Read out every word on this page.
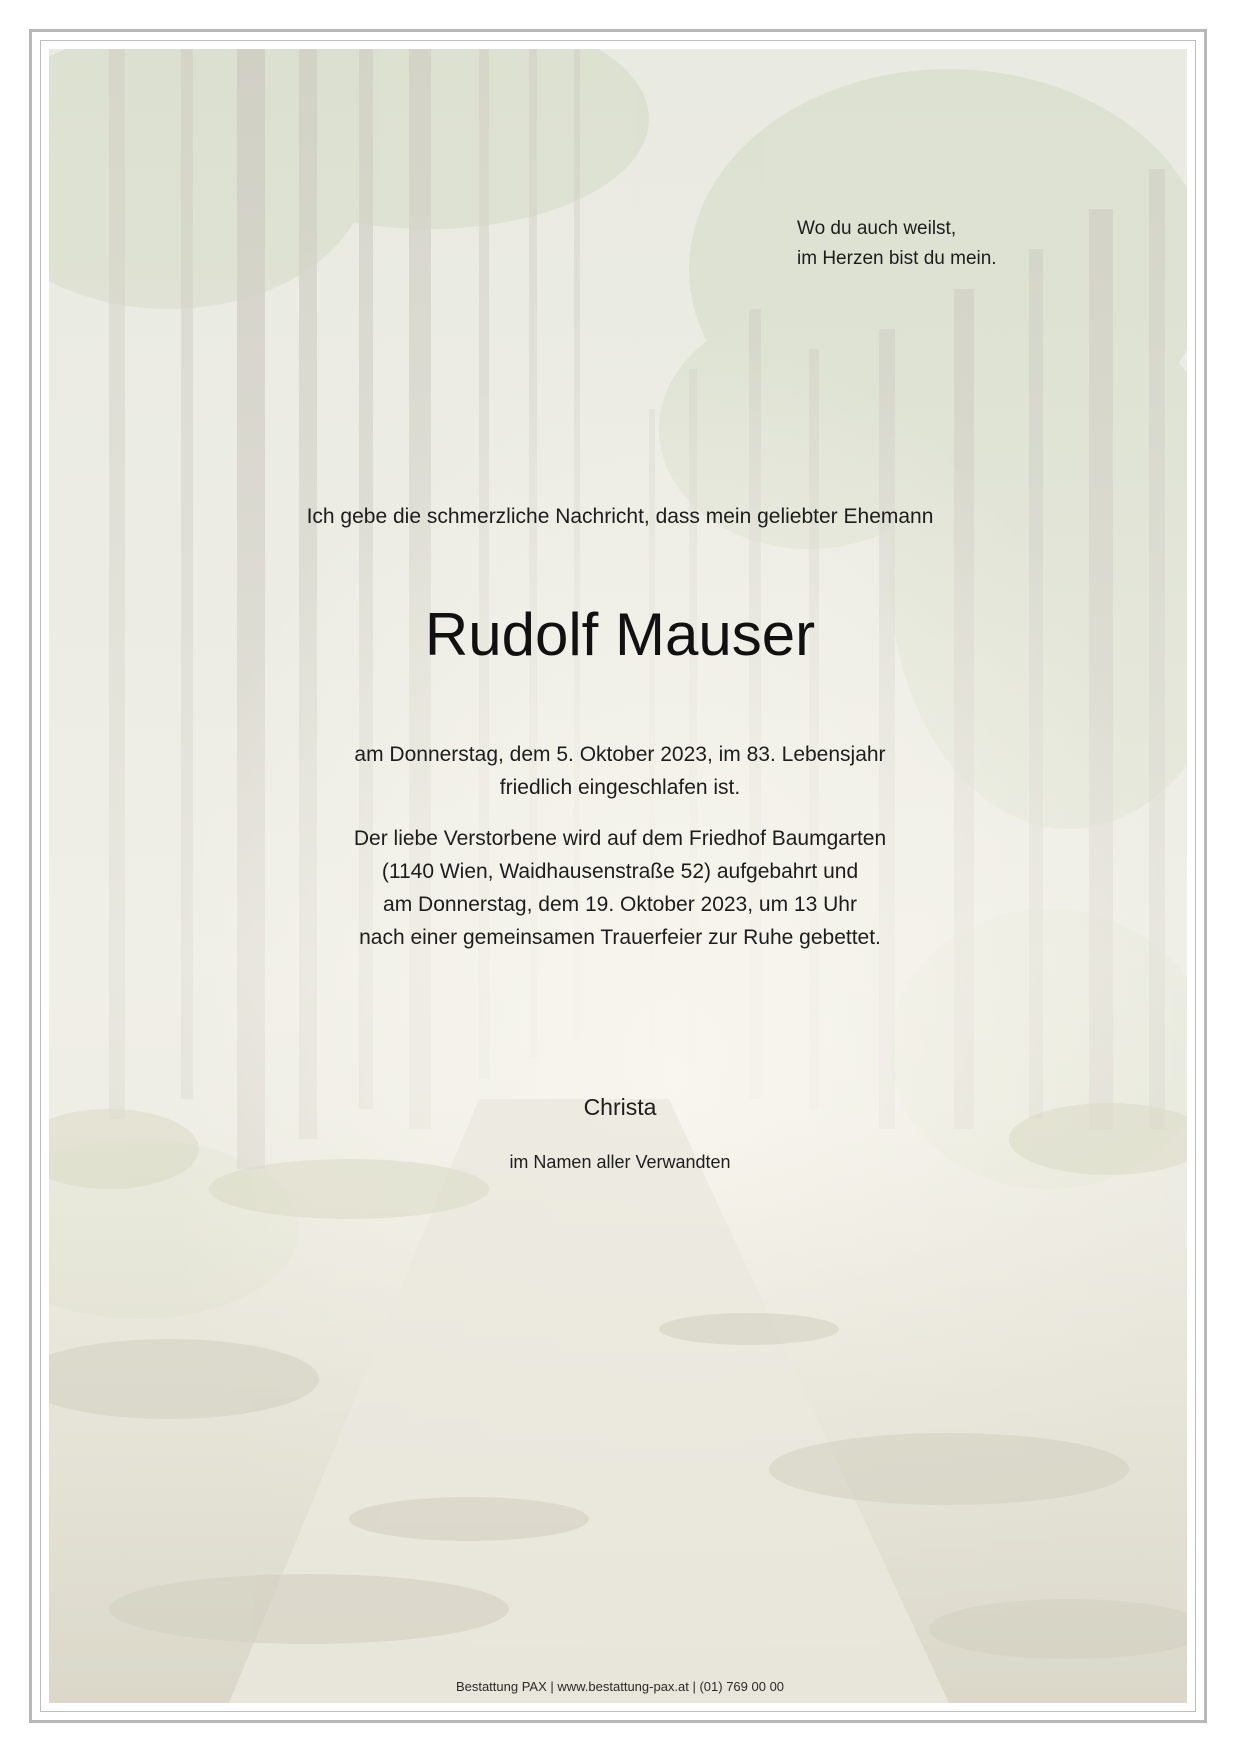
Wo du auch weilst,
im Herzen bist du mein.
Ich gebe die schmerzliche Nachricht, dass mein geliebter Ehemann
Rudolf Mauser
am Donnerstag, dem 5. Oktober 2023, im 83. Lebensjahr
friedlich eingeschlafen ist.
Der liebe Verstorbene wird auf dem Friedhof Baumgarten
(1140 Wien, Waidhausenstraße 52) aufgebahrt und
am Donnerstag, dem 19. Oktober 2023, um 13 Uhr
nach einer gemeinsamen Trauerfeier zur Ruhe gebettet.
Christa
im Namen aller Verwandten
Bestattung PAX | www.bestattung-pax.at | (01) 769 00 00
